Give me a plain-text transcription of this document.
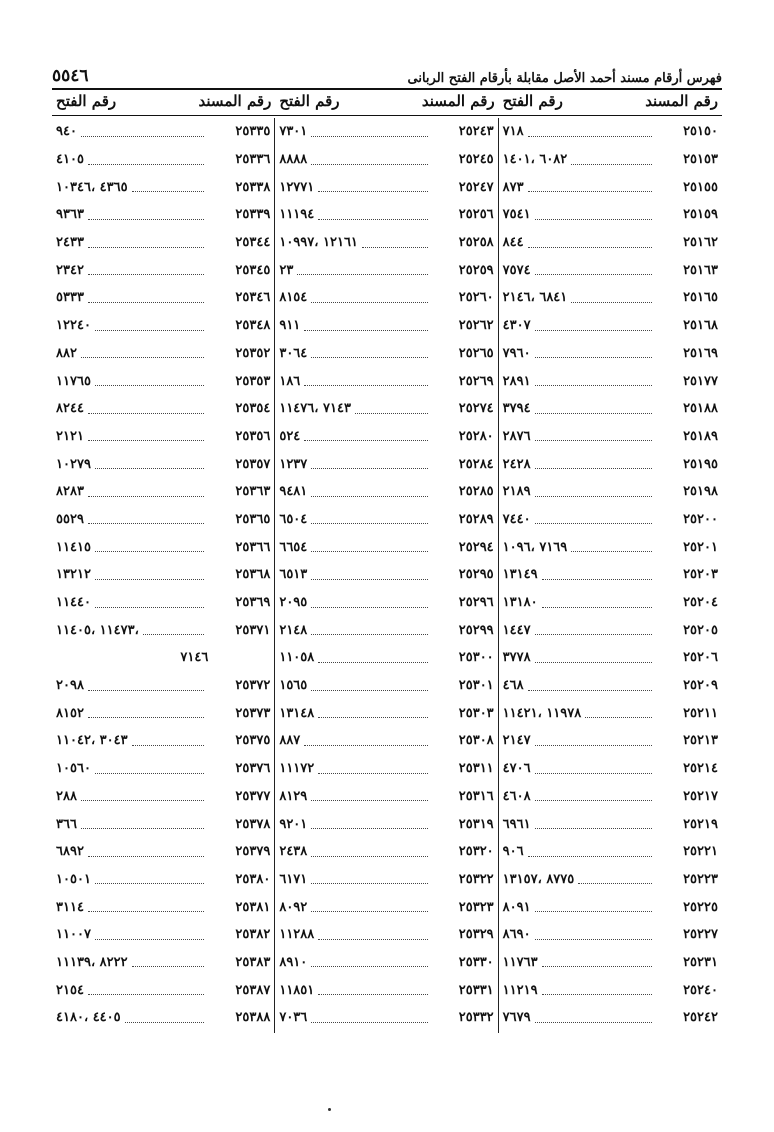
٥٥٤٦	فهرس أرقام مسند أحمد الأصل مقابلة بأرقام الفتح الربانى
رقم المسند
رقم الفتح
رقم المسند
رقم الفتح
رقم المسند
رقم الفتح
٢٥١٥٠
٧١٨
٢٥١٥٣
٦٠٨٢ ،١٤٠١
٢٥١٥٥
٨٧٣
٢٥١٥٩
٧٥٤١
٢٥١٦٢
٨٤٤
٢٥١٦٣
٧٥٧٤
٢٥١٦٥
٦٨٤١ ،٢١٤٦
٢٥١٦٨
٤٣٠٧
٢٥١٦٩
٧٩٦٠
٢٥١٧٧
٢٨٩١
٢٥١٨٨
٣٧٩٤
٢٥١٨٩
٢٨٧٦
٢٥١٩٥
٢٤٢٨
٢٥١٩٨
٢١٨٩
٢٥٢٠٠
٧٤٤٠
٢٥٢٠١
٧١٦٩ ،١٠٩٦
٢٥٢٠٣
١٣١٤٩
٢٥٢٠٤
١٣١٨٠
٢٥٢٠٥
١٤٤٧
٢٥٢٠٦
٣٧٧٨
٢٥٢٠٩
٤٦٨
٢٥٢١١
١١٩٧٨ ،١١٤٢١
٢٥٢١٣
٢١٤٧
٢٥٢١٤
٤٧٠٦
٢٥٢١٧
٤٦٠٨
٢٥٢١٩
٦٩٦١
٢٥٢٢١
٩٠٦
٢٥٢٢٣
٨٧٧٥ ،١٣١٥٧
٢٥٢٢٥
٨٠٩١
٢٥٢٢٧
٨٦٩٠
٢٥٢٣١
١١٧٦٣
٢٥٢٤٠
١١٢١٩
٢٥٢٤٢
٧٦٧٩
٢٥٢٤٣
٧٣٠١
٢٥٢٤٥
٨٨٨٨
٢٥٢٤٧
١٢٧٧١
٢٥٢٥٦
١١١٩٤
٢٥٢٥٨
١٢١٦١ ،١٠٩٩٧
٢٥٢٥٩
٢٣
٢٥٢٦٠
٨١٥٤
٢٥٢٦٢
٩١١
٢٥٢٦٥
٣٠٦٤
٢٥٢٦٩
١٨٦
٢٥٢٧٤
٧١٤٣ ،١١٤٧٦
٢٥٢٨٠
٥٢٤
٢٥٢٨٤
١٢٣٧
٢٥٢٨٥
٩٤٨١
٢٥٢٨٩
٦٥٠٤
٢٥٢٩٤
٦٦٥٤
٢٥٢٩٥
٦٥١٣
٢٥٢٩٦
٢٠٩٥
٢٥٢٩٩
٢١٤٨
٢٥٣٠٠
١١٠٥٨
٢٥٣٠١
١٥٦٥
٢٥٣٠٣
١٣١٤٨
٢٥٣٠٨
٨٨٧
٢٥٣١١
١١١٧٢
٢٥٣١٦
٨١٢٩
٢٥٣١٩
٩٢٠١
٢٥٣٢٠
٢٤٣٨
٢٥٣٢٢
٦١٧١
٢٥٣٢٣
٨٠٩٢
٢٥٣٢٩
١١٢٨٨
٢٥٣٣٠
٨٩١٠
٢٥٣٣١
١١٨٥١
٢٥٣٣٢
٧٠٣٦
٢٥٣٣٥
٩٤٠
٢٥٣٣٦
٤١٠٥
٢٥٣٣٨
٤٣٦٥ ،١٠٣٤٦
٢٥٣٣٩
٩٣٦٣
٢٥٣٤٤
٢٤٣٣
٢٥٣٤٥
٢٣٤٢
٢٥٣٤٦
٥٣٣٣
٢٥٣٤٨
١٢٢٤٠
٢٥٣٥٢
٨٨٢
٢٥٣٥٣
١١٧٦٥
٢٥٣٥٤
٨٢٤٤
٢٥٣٥٦
٢١٢١
٢٥٣٥٧
١٠٢٧٩
٢٥٣٦٣
٨٢٨٣
٢٥٣٦٥
٥٥٢٩
٢٥٣٦٦
١١٤١٥
٢٥٣٦٨
١٣٢١٢
٢٥٣٦٩
١١٤٤٠
٢٥٣٧١
،١١٤٧٣ ،١١٤٠٥
٧١٤٦
٢٥٣٧٢
٢٠٩٨
٢٥٣٧٣
٨١٥٢
٢٥٣٧٥
٣٠٤٣ ،١١٠٤٢
٢٥٣٧٦
١٠٥٦٠
٢٥٣٧٧
٢٨٨
٢٥٣٧٨
٣٦٦
٢٥٣٧٩
٦٨٩٢
٢٥٣٨٠
١٠٥٠١
٢٥٣٨١
٣١١٤
٢٥٣٨٢
١١٠٠٧
٢٥٣٨٣
٨٢٢٢ ،١١١٣٩
٢٥٣٨٧
٢١٥٤
٢٥٣٨٨
٤٤٠٥ ،٤١٨٠
